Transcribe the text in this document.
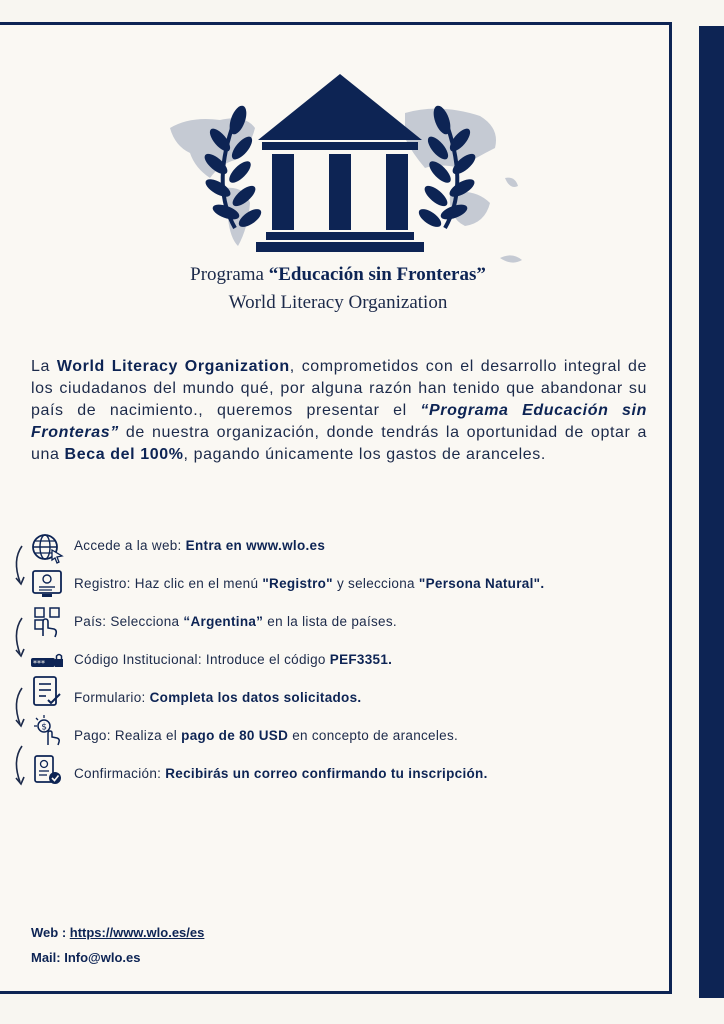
Programa “Educación sin Fronteras”
World Literacy Organization
La World Literacy Organization, comprometidos con el desarrollo integral de los ciudadanos del mundo qué, por alguna razón han tenido que abandonar su país de nacimiento., queremos presentar el “Programa Educación sin Fronteras” de nuestra organización, donde tendrás la oportunidad de optar a una Beca del 100%, pagando únicamente los gastos de aranceles.
Accede a la web: Entra en www.wlo.es
Registro: Haz clic en el menú "Registro" y selecciona "Persona Natural".
País: Selecciona “Argentina” en la lista de países.
*** Código Institucional: Introduce el código PEF3351.
Formulario: Completa los datos solicitados.
$
Pago: Realiza el pago de 80 USD en concepto de aranceles.
Confirmación: Recibirás un correo confirmando tu inscripción.
Web : https://www.wlo.es/es
Mail: Info@wlo.es
